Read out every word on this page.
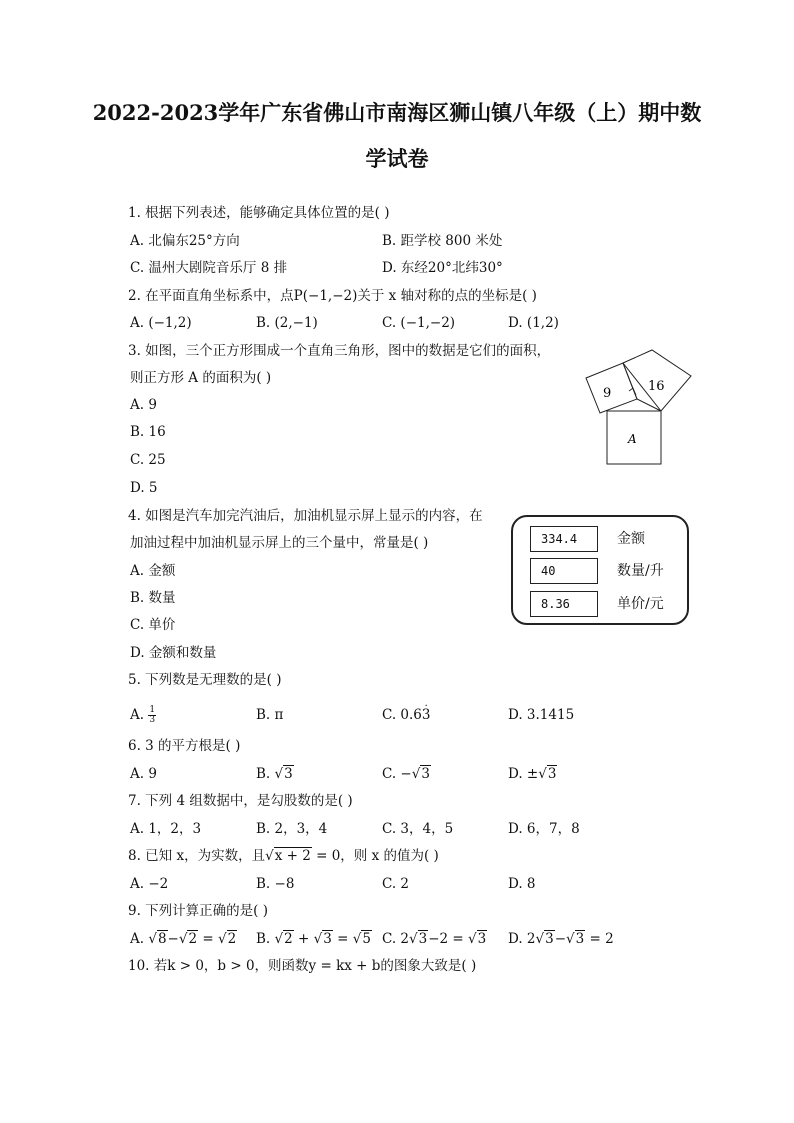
2022-2023学年广东省佛山市南海区狮山镇八年级（上）期中数
学试卷
1. 根据下列表述，能够确定具体位置的是( )
A. 北偏东25°方向	B. 距学校 800 米处
C. 温州大剧院音乐厅 8 排	D. 东经20°北纬30°
2. 在平面直角坐标系中，点P(−1,−2)关于 x 轴对称的点的坐标是( )
A. (−1,2)	B. (2,−1)	C. (−1,−2)	D. (1,2)
3. 如图，三个正方形围成一个直角三角形，图中的数据是它们的面积，
则正方形 A 的面积为( )
A. 9
B. 16
C. 25
D. 5
9	16
A
4. 如图是汽车加完汽油后，加油机显示屏上显示的内容，在
加油过程中加油机显示屏上的三个量中，常量是( )
A. 金额
B. 数量
C. 单价
D. 金额和数量
334.4	金额
40	数量/升
8.36	单价/元
5. 下列数是无理数的是( )
A. $\frac{1}{3}$	B. π	C. 0.63 ·	D. 3.1415
6. 3 的平方根是( )
A. 9	B. √3	C. −√3	D. ±√3
7. 下列 4 组数据中，是勾股数的是( )
A. 1，2，3	B. 2，3，4	C. 3，4，5	D. 6，7，8
8. 已知 x，为实数，且√x + 2 = 0，则 x 的值为( )
A. −2	B. −8	C. 2	D. 8
9. 下列计算正确的是( )
A. √8−√2 = √2 B. √2 + √3 = √5 C. 2√3−2 = √3 D. 2√3−√3 = 2
10. 若k > 0，b > 0，则函数y = kx + b的图象大致是( )
